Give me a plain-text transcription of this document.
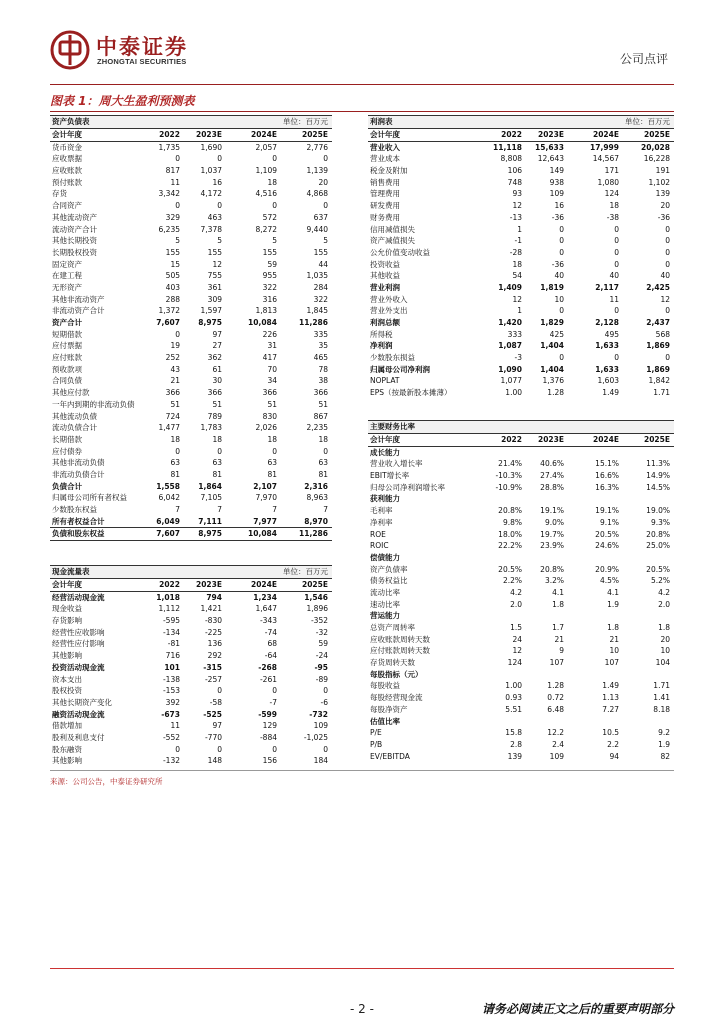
中泰证券
ZHONGTAI SECURITIES	公司点评
图表 1：周大生盈利预测表
资产负债表	单位：百万元
会计年度	2022	2023E	2024E	2025E
货币资金	1,735	1,690	2,057	2,776
应收票据	0	0	0	0
应收账款	817	1,037	1,109	1,139
预付账款	11	16	18	20
存货	3,342	4,172	4,516	4,868
合同资产	0	0	0	0
其他流动资产	329	463	572	637
流动资产合计	6,235	7,378	8,272	9,440
其他长期投资	5	5	5	5
长期股权投资	155	155	155	155
固定资产	15	12	59	44
在建工程	505	755	955	1,035
无形资产	403	361	322	284
其他非流动资产	288	309	316	322
非流动资产合计	1,372	1,597	1,813	1,845
资产合计	7,607	8,975	10,084	11,286
短期借款	0	97	226	335
应付票据	19	27	31	35
应付账款	252	362	417	465
预收款项	43	61	70	78
合同负债	21	30	34	38
其他应付款	366	366	366	366
一年内到期的非流动负债	51	51	51	51
其他流动负债	724	789	830	867
流动负债合计	1,477	1,783	2,026	2,235
长期借款	18	18	18	18
应付债券	0	0	0	0
其他非流动负债	63	63	63	63
非流动负债合计	81	81	81	81
负债合计	1,558	1,864	2,107	2,316
归属母公司所有者权益	6,042	7,105	7,970	8,963
少数股东权益	7	7	7	7
所有者权益合计	6,049	7,111	7,977	8,970
负债和股东权益	7,607	8,975	10,084	11,286
现金流量表	单位：百万元
会计年度	2022	2023E	2024E	2025E
经营活动现金流	1,018	794	1,234	1,546
现金收益	1,112	1,421	1,647	1,896
存货影响	-595	-830	-343	-352
经营性应收影响	-134	-225	-74	-32
经营性应付影响	-81	136	68	59
其他影响	716	292	-64	-24
投资活动现金流	101	-315	-268	-95
资本支出	-138	-257	-261	-89
股权投资	-153	0	0	0
其他长期资产变化	392	-58	-7	-6
融资活动现金流	-673	-525	-599	-732
借款增加	11	97	129	109
股利及利息支付	-552	-770	-884	-1,025
股东融资	0	0	0	0
其他影响	-132	148	156	184
利润表	单位：百万元
会计年度	2022	2023E	2024E	2025E
营业收入	11,118	15,633	17,999	20,028
营业成本	8,808	12,643	14,567	16,228
税金及附加	106	149	171	191
销售费用	748	938	1,080	1,102
管理费用	93	109	124	139
研发费用	12	16	18	20
财务费用	-13	-36	-38	-36
信用减值损失	1	0	0	0
资产减值损失	-1	0	0	0
公允价值变动收益	-28	0	0	0
投资收益	18	-36	0	0
其他收益	54	40	40	40
营业利润	1,409	1,819	2,117	2,425
营业外收入	12	10	11	12
营业外支出	1	0	0	0
利润总额	1,420	1,829	2,128	2,437
所得税	333	425	495	568
净利润	1,087	1,404	1,633	1,869
少数股东损益	-3	0	0	0
归属母公司净利润	1,090	1,404	1,633	1,869
NOPLAT	1,077	1,376	1,603	1,842
EPS（按最新股本摊薄）	1.00	1.28	1.49	1.71
主要财务比率
会计年度	2022	2023E	2024E	2025E
成长能力
营业收入增长率	21.4%	40.6%	15.1%	11.3%
EBIT增长率	-10.3%	27.4%	16.6%	14.9%
归母公司净利润增长率	-10.9%	28.8%	16.3%	14.5%
获利能力
毛利率	20.8%	19.1%	19.1%	19.0%
净利率	9.8%	9.0%	9.1%	9.3%
ROE	18.0%	19.7%	20.5%	20.8%
ROIC	22.2%	23.9%	24.6%	25.0%
偿债能力
资产负债率	20.5%	20.8%	20.9%	20.5%
债务权益比	2.2%	3.2%	4.5%	5.2%
流动比率	4.2	4.1	4.1	4.2
速动比率	2.0	1.8	1.9	2.0
营运能力
总资产周转率	1.5	1.7	1.8	1.8
应收账款周转天数	24	21	21	20
应付账款周转天数	12	9	10	10
存货周转天数	124	107	107	104
每股指标（元）
每股收益	1.00	1.28	1.49	1.71
每股经营现金流	0.93	0.72	1.13	1.41
每股净资产	5.51	6.48	7.27	8.18
估值比率
P/E	15.8	12.2	10.5	9.2
P/B	2.8	2.4	2.2	1.9
EV/EBITDA	139	109	94	82
来源：公司公告，中泰证券研究所
- 2 -	请务必阅读正文之后的重要声明部分
